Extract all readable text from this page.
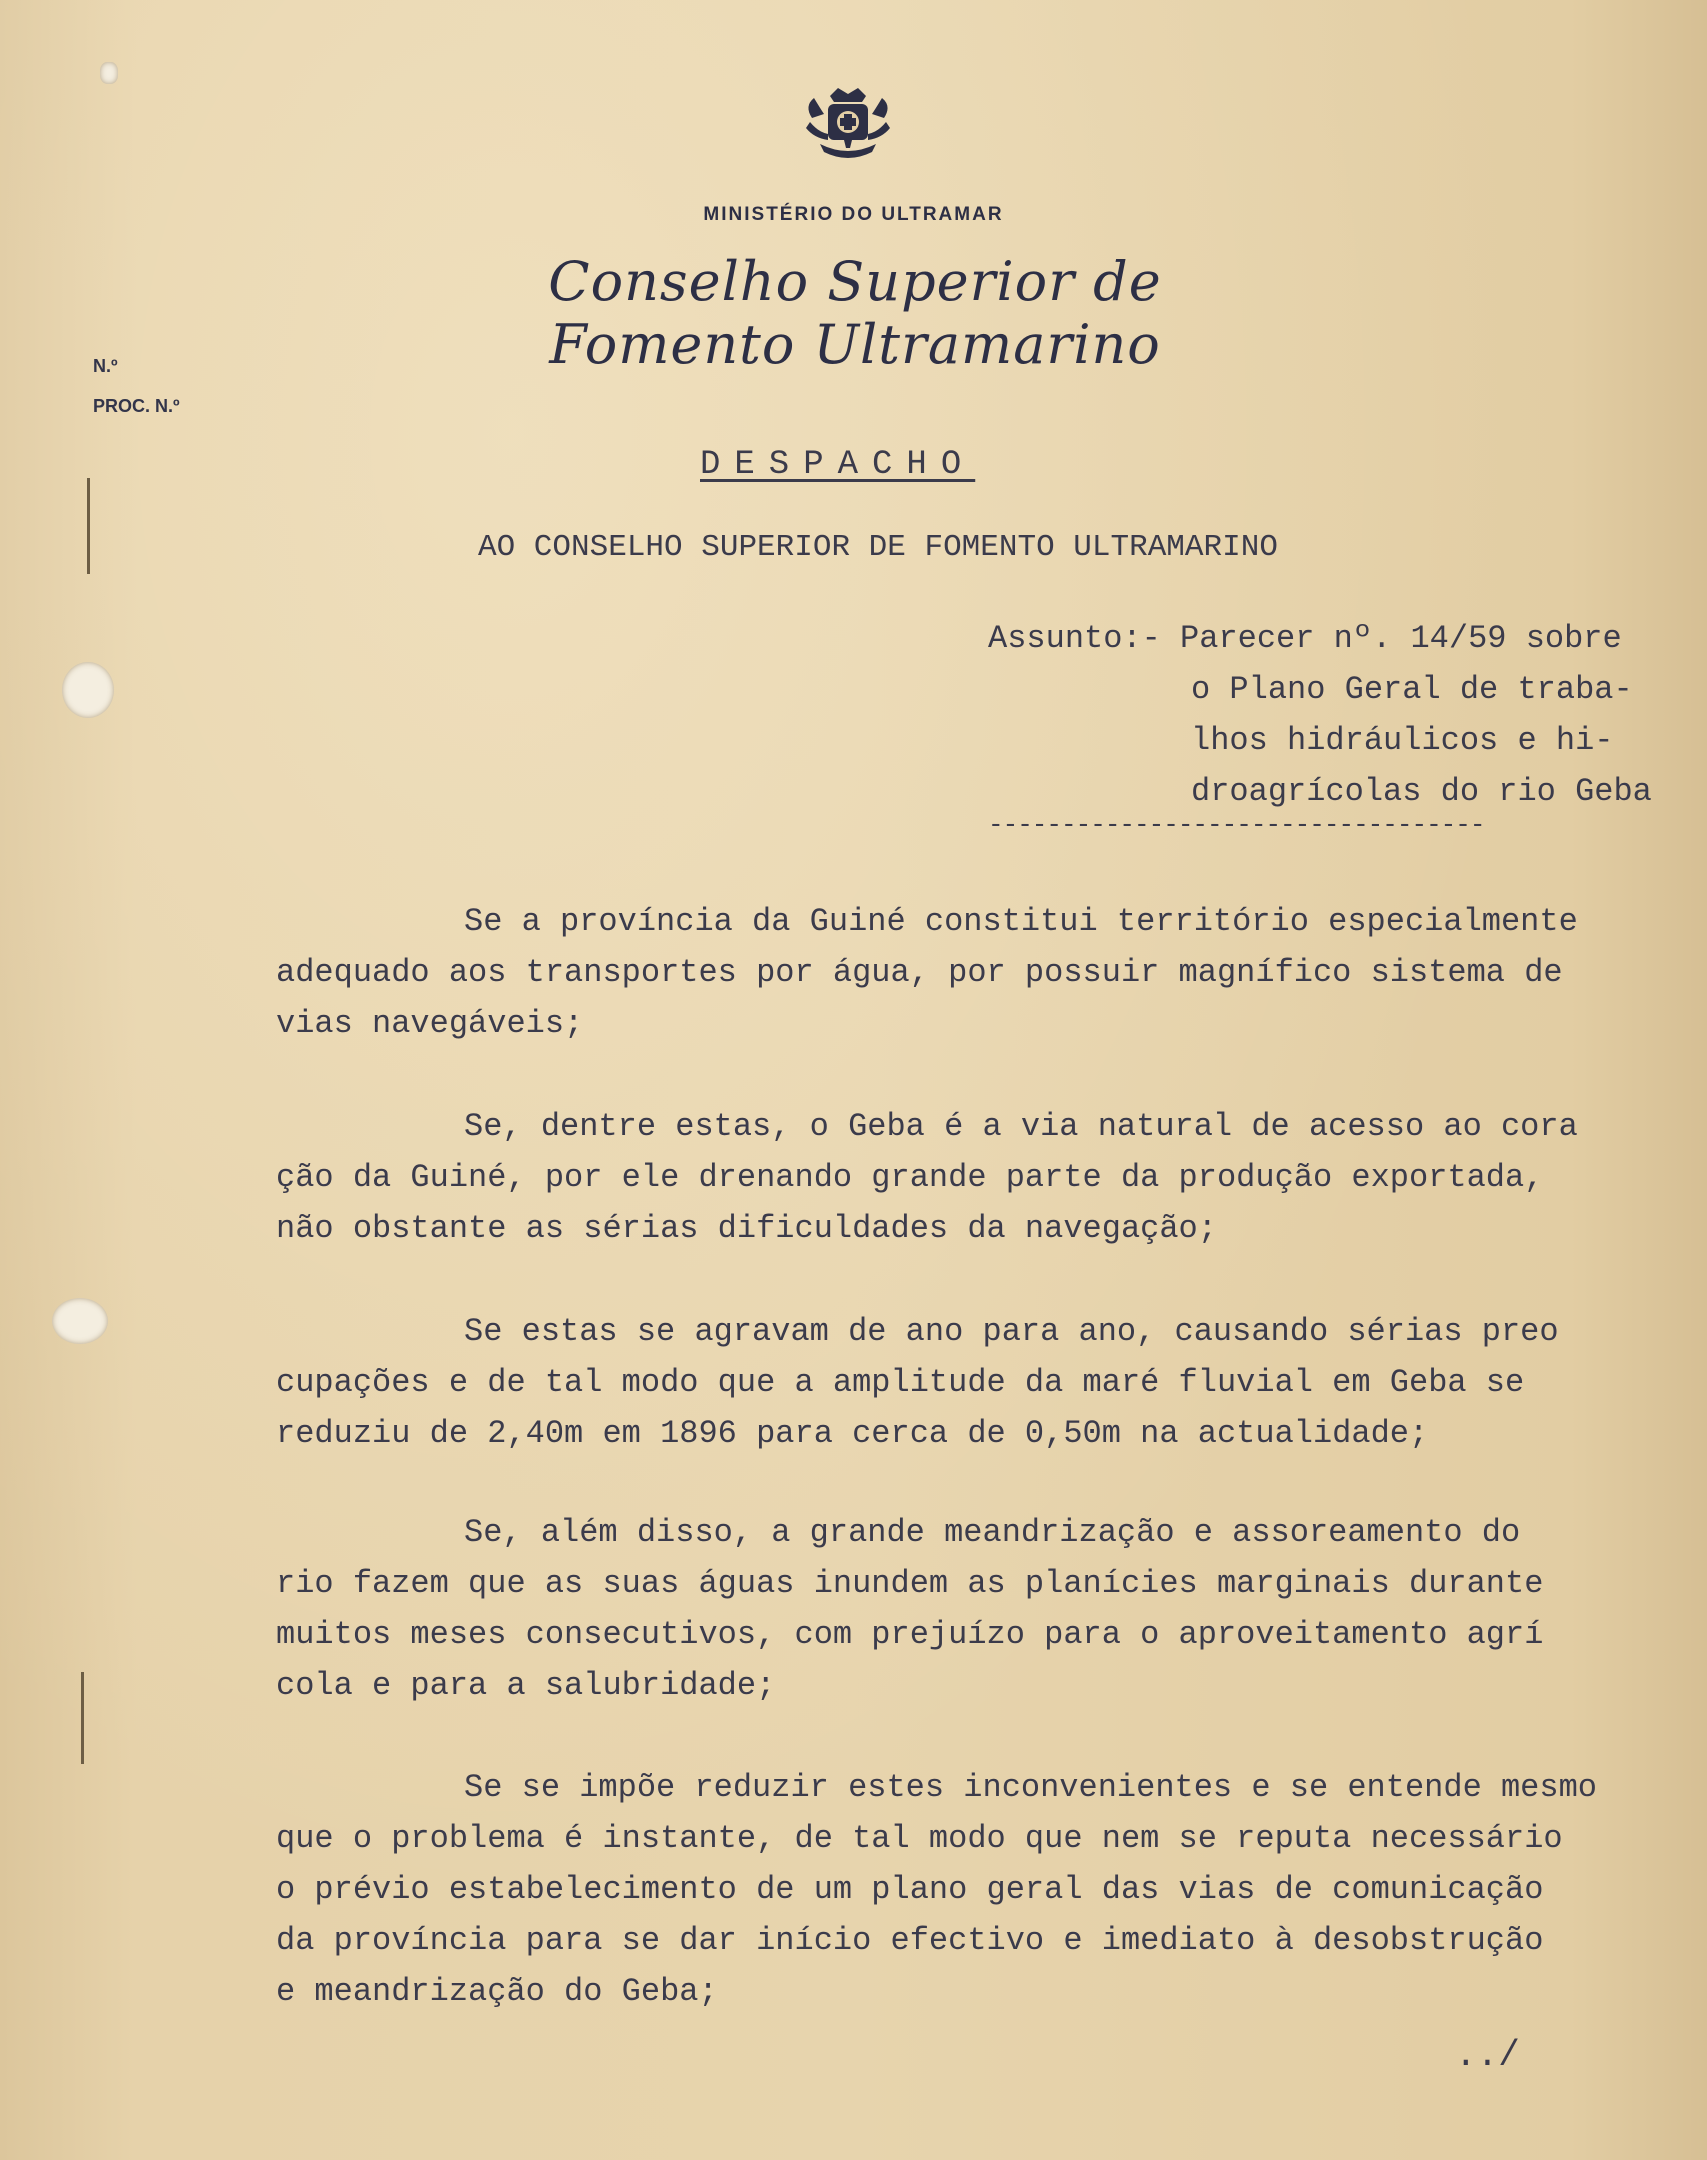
MINISTÉRIO DO ULTRAMAR
Conselho Superior de Fomento Ultramarino
N.º
PROC. N.º
DESPACHO
AO CONSELHO SUPERIOR DE FOMENTO ULTRAMARINO
Assunto:- Parecer nº. 14/59 sobre
o Plano Geral de traba-
lhos hidráulicos e hi-
droagrícolas do rio Geba
----------------------------------
Se a província da Guiné constitui território especialmente
adequado aos transportes por água, por possuir magnífico sistema de
vias navegáveis;
Se, dentre estas, o Geba é a via natural de acesso ao cora
ção da Guiné, por ele drenando grande parte da produção exportada,
não obstante as sérias dificuldades da navegação;
Se estas se agravam de ano para ano, causando sérias preo
cupações e de tal modo que a amplitude da maré fluvial em Geba se
reduziu de 2,40m em 1896 para cerca de 0,50m na actualidade;
Se, além disso, a grande meandrização e assoreamento do
rio fazem que as suas águas inundem as planícies marginais durante
muitos meses consecutivos, com prejuízo para o aproveitamento agrí
cola e para a salubridade;
Se se impõe reduzir estes inconvenientes e se entende mesmo
que o problema é instante, de tal modo que nem se reputa necessário
o prévio estabelecimento de um plano geral das vias de comunicação
da província para se dar início efectivo e imediato à desobstrução
e meandrização do Geba;
../
